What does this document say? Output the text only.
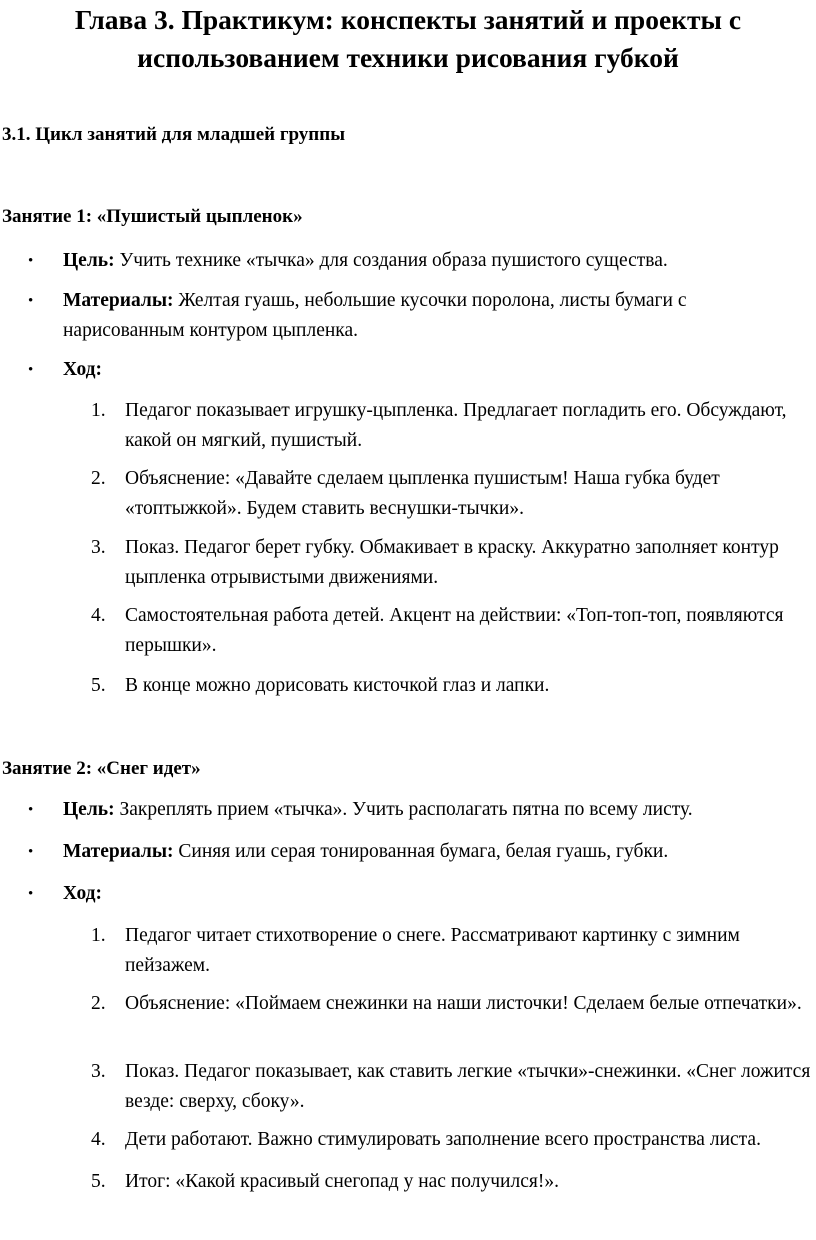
Глава 3. Практикум: конспекты занятий и проекты с использованием техники рисования губкой
3.1. Цикл занятий для младшей группы
Занятие 1: «Пушистый цыпленок»
• Цель: Учить технике «тычка» для создания образа пушистого существа.
• Материалы: Желтая гуашь, небольшие кусочки поролона, листы бумаги с нарисованным контуром цыпленка.
• Ход:
1. Педагог показывает игрушку-цыпленка. Предлагает погладить его. Обсуждают, какой он мягкий, пушистый.
2. Объяснение: «Давайте сделаем цыпленка пушистым! Наша губка будет «топтыжкой». Будем ставить веснушки-тычки».
3. Показ. Педагог берет губку. Обмакивает в краску. Аккуратно заполняет контур цыпленка отрывистыми движениями.
4. Самостоятельная работа детей. Акцент на действии: «Топ-топ-топ, появляются перышки».
5. В конце можно дорисовать кисточкой глаз и лапки.
Занятие 2: «Снег идет»
• Цель: Закреплять прием «тычка». Учить располагать пятна по всему листу.
• Материалы: Синяя или серая тонированная бумага, белая гуашь, губки.
• Ход:
1. Педагог читает стихотворение о снеге. Рассматривают картинку с зимним пейзажем.
2. Объяснение: «Поймаем снежинки на наши листочки! Сделаем белые отпечатки».
3. Показ. Педагог показывает, как ставить легкие «тычки»-снежинки. «Снег ложится везде: сверху, сбоку».
4. Дети работают. Важно стимулировать заполнение всего пространства листа.
5. Итог: «Какой красивый снегопад у нас получился!».
